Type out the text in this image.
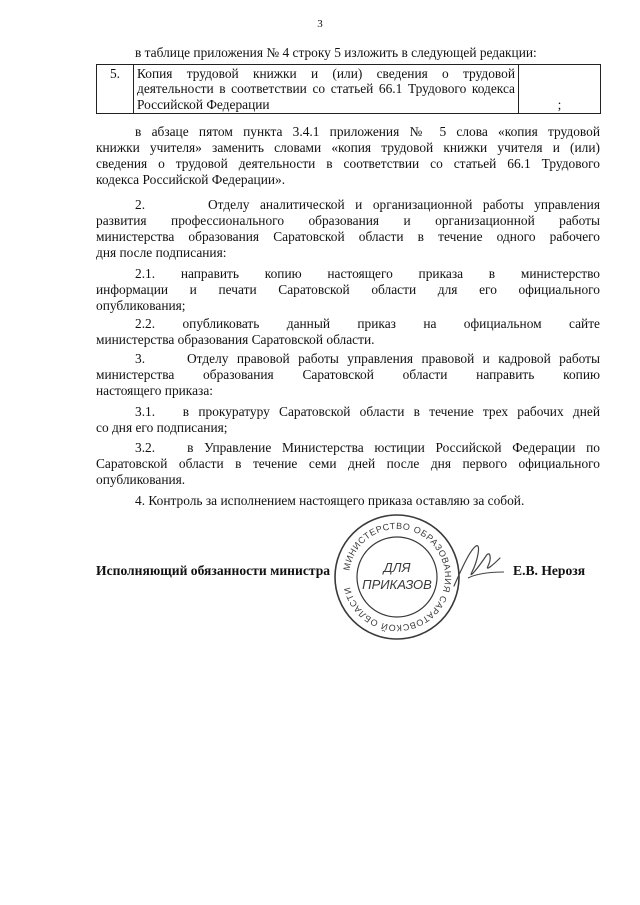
3

в таблице приложения № 4 строку 5 изложить в следующей редакции:

5.	Копия трудовой книжки и (или) сведения о трудовой деятельности в соответствии со статьей 66.1 Трудового кодекса Российской Федерации	;

в абзаце пятом пункта 3.4.1 приложения № 5 слова «копия трудовой

книжки учителя» заменить словами «копия трудовой книжки учителя и (или)

сведения о трудовой деятельности в соответствии со статьей 66.1 Трудового

кодекса Российской Федерации».

2.      Отделу аналитической и организационной работы управления

развития профессионального образования и организационной работы

министерства образования Саратовской области в течение одного рабочего

дня после подписания:

2.1. направить копию настоящего приказа в министерство

информации и печати Саратовской области для его официального

опубликования;

2.2. опубликовать данный приказ на официальном сайте

министерства образования Саратовской области.

3.     Отделу правовой работы управления правовой и кадровой работы

министерства образования Саратовской области направить копию

настоящего приказа:

3.1.   в прокуратуру Саратовской области в течение трех рабочих дней

со дня его подписания;

3.2.   в Управление Министерства юстиции Российской Федерации по

Саратовской области в течение семи дней после дня первого официального

опубликования.

4. Контроль за исполнением настоящего приказа оставляю за собой.

Исполняющий обязанности министра	Е.В. Нерозя
МИНИСТЕРСТВО ОБРАЗОВАНИЯ САРАТОВСКОЙ ОБЛАСТИ
ДЛЯ
ПРИКАЗОВ
